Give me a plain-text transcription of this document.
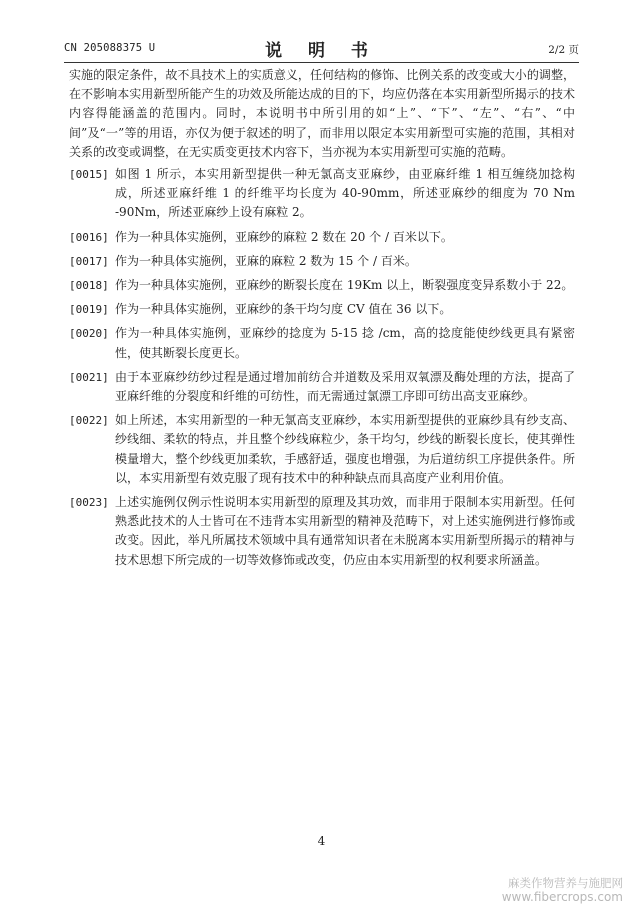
CN 205088375 U	说 明 书	2/2 页

实施的限定条件，故不具技术上的实质意义，任何结构的修饰、比例关系的改变或大小的调整，在不影响本实用新型所能产生的功效及所能达成的目的下，均应仍落在本实用新型所揭示的技术内容得能涵盖的范围内。同时，本说明书中所引用的如“上”、“下”、“左”、“右”、“中间”及“一”等的用语，亦仅为便于叙述的明了，而非用以限定本实用新型可实施的范围，其相对关系的改变或调整，在无实质变更技术内容下，当亦视为本实用新型可实施的范畴。

[0015] 如图 1 所示，本实用新型提供一种无氯高支亚麻纱，由亚麻纤维 1 相互缠绕加捻构成，所述亚麻纤维 1 的纤维平均长度为 40-90mm，所述亚麻纱的细度为 70 Nm -90Nm，所述亚麻纱上设有麻粒 2。

[0016] 作为一种具体实施例，亚麻纱的麻粒 2 数在 20 个 / 百米以下。

[0017] 作为一种具体实施例，亚麻的麻粒 2 数为 15 个 / 百米。

[0018] 作为一种具体实施例，亚麻纱的断裂长度在 19Km 以上，断裂强度变异系数小于 22。

[0019] 作为一种具体实施例，亚麻纱的条干均匀度 CV 值在 36 以下。

[0020] 作为一种具体实施例，亚麻纱的捻度为 5-15 捻 /cm，高的捻度能使纱线更具有紧密性，使其断裂长度更长。

[0021] 由于本亚麻纱纺纱过程是通过增加前纺合并道数及采用双氧漂及酶处理的方法，提高了亚麻纤维的分裂度和纤维的可纺性，而无需通过氯漂工序即可纺出高支亚麻纱。

[0022] 如上所述，本实用新型的一种无氯高支亚麻纱，本实用新型提供的亚麻纱具有纱支高、纱线细、柔软的特点，并且整个纱线麻粒少，条干均匀，纱线的断裂长度长，使其弹性模量增大，整个纱线更加柔软，手感舒适，强度也增强，为后道纺织工序提供条件。所以，本实用新型有效克服了现有技术中的种种缺点而具高度产业利用价值。

[0023] 上述实施例仅例示性说明本实用新型的原理及其功效，而非用于限制本实用新型。任何熟悉此技术的人士皆可在不违背本实用新型的精神及范畴下，对上述实施例进行修饰或改变。因此，举凡所属技术领域中具有通常知识者在未脱离本实用新型所揭示的精神与技术思想下所完成的一切等效修饰或改变，仍应由本实用新型的权利要求所涵盖。

4
麻类作物营养与施肥网
www.fibercrops.com
